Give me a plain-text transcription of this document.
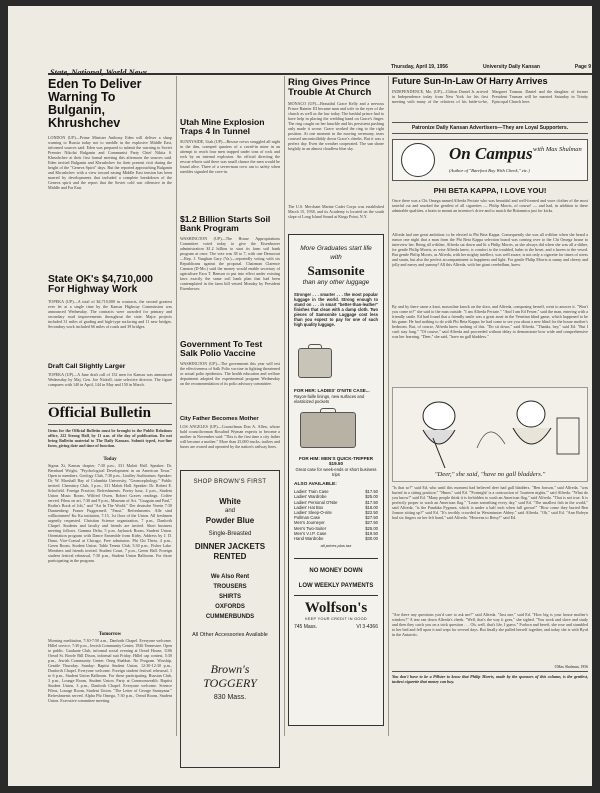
Thursday, April 19, 1956	University Daily Kansan	Page 9
Eden To Deliver Warning To Bulganin, Khrushchev
LONDON (UP)—Prime Minister Anthony Eden will deliver a sharp warning to Russia today not to meddle in the explosive Middle East, informed sources said. Eden was prepared to submit the warning to Soviet Premier Nikolai Bulganin and Communist Party Chief Nikita S. Khrushchev at their first formal meeting this afternoon the sources said. Eden invited Bulganin and Khrushchev for their present visit during the height of the "Geneva Spirit" days. But the reported approaching Bulganin and Khrushchev with a view toward easing Middle East tension has been marred by developments that included a complete breakdown of the Geneva spirit and the report that the Soviet cold war offensive in the Middle and Far East.
State OK's $4,710,000 For Highway Work
TOPEKA (UP)—A total of $4,710,000 in contracts, the second greatest ever let at a single time by the Kansas Highway Commission was announced Wednesday. The contracts were awarded for primary and secondary road improvements throughout the state. Major projects included 31 miles of grading and high-type surfacing and 11 new bridges. Secondary work included 66 miles of roads and 39 bridges.
Draft Call Slightly Larger
TOPEKA (UP)—A June draft call of 152 men for Kansas was announced Wednesday by Maj. Gen. Joe Nickell, state selective director. The figure compares with 140 in April, 144 in May and 150 in March.
Official Bulletin
Items for the Official Bulletin must be brought to the Public Relations office, 222 Strong Hall, by 11 a.m. of the day of publication. Do not bring Bulletin material to The Daily Kansan. Submit typed, two-line form, giving date and time of function.
Today
Sigma Xi, Kansas chapter, 7:30 p.m., 331 Malott Hall. Speaker: Dr. Bernhard Wright, "Psychological Development in an American Town." Open to members. Geology Club, 7:30 p.m., Lindley Auditorium. Speaker: Dr. W. Marshall Ray of Columbia University, "Geomorphology." Public invited. Chemistry Club, 3 p.m., 331 Malott Hall. Speaker: Dr. Robert E. Schofield. Foreign Practice; Refreshments. Poetry hour, 4 p.m., Student Union Music Room. Wilfred Owen, Robert Graves readings. Coffee served. Films on art, 7:30 and 9 p.m., Museum of Art. "Gauguin and Paul," Rodin's Book of Job," and "Art In The World." Der deutsche Verein 7:30 Dannenberg: Frauer Fuggermeil: "Faust." Refreshments. Alle sind willkommen! Ku Ku initiation, 7:15, 1st floor of the Union. All freshmen urgently requested. Christian Science organization, 7 p.m., Danforth Chapel. Students and faculty and friends are invited. Short business meeting follows. Gamma Delta, 5 p.m. Jayhawk Room, Student Union. Orientation program with Dance Ensemble from Kirby. Address by J. D. Duna, Vice-Consul at Chicago. Free admission. Phi Chi Theta, 4 p.m., Green Room, Student Union. Table Tennis Club, 5:30 p.m., Fisher Lake. Members and friends invited. Student Court, 7 p.m., Green Hall. Foreign student festival rehearsal, 7:30 p.m., Student Union Ballroom. For those participating in the program.
Tomorrow
Morning meditation, 7:30-7:50 a.m., Danforth Chapel. Everyone welcome. Hillel service, 7:30 p.m., Jewish Community Center, 1926 Tennessee. Open to public. Graduate Club, informal social evening at Oread House, 1106 Oread St. Bowle Bill Dixon, informal suit Friday. Hillel cap contest, 5:30 p.m., Jewish Community Center. Oneg Shabbat. No Program. Worship, Gentile Thursday. Sunday: Baptist Student Union, 12:30-12:30 p.m., Danforth Chapel. Everyone welcome. Foreign student festival rehearsal, 1 to 6 p.m., Student Union Ballroom. For those participating. Russian Club, 3 p.m., Lounge Room, Student Union. Party at Commonwealth. Baptist Student Union, 3 p.m., Danforth Chapel. Everyone welcome. Science Films, Lounge Room, Student Union. "The Letter of George Santayana." Refreshments served. Alpha Phi Omega, 7:30 p.m., Oread Room, Student Union. Executive committee meeting.
Utah Mine Explosion Traps 4 In Tunnel
SUNNYSIDE, Utah (UP)—Rescue crews struggled all night in the dim, cramped quarters of a caved-in mine in an attempt to reach four men trapped under tons of rock and rock by an internal explosion. An official directing the rescue efforts said there was small chance the men would be found alive. Three of a seven-man crew ran to safety when rumbles signaled the cave-in.
$1.2 Billion Starts Soil Bank Program
WASHINGTON (UP)—The House Appropriations Committee voted today to give the Eisenhower administration $1.2 billion to start its farm soil bank program at once. The vote was 38 to 7, with one Democrat—Rep. J. Vaughan Gary (Va.)—reportedly voting with six Republicans against the proposal. Chairman Clarence Cannon (D-Mo.) said the money would enable secretary of agriculture Ezra T. Benson to put into effect under existing laws exactly the same soil bank plan that had been contemplated in the farm bill vetoed Monday by President Eisenhower.
Government To Test Salk Polio Vaccine
WASHINGTON (UP)—The government this year will test the effectiveness of Salk Polio vaccine in fighting threatened or actual polio epidemics. The health education and welfare department adopted the experimental program Wednesday on the recommendation of its polio advisory committee.
City Father Becomes Mother
LOS ANGELES (UP)—Councilman Don A. Allen, whose bald councilwoman Rosalind Wyman expects to become a mother in November said: "This is the first time a city father will become a mother." More than 25,000 trucks, trailers and buses are owned and operated by the nation's railway lines.
SHOP BROWN'S FIRST
White
and
Powder Blue
Single-Breasted
DINNER JACKETS RENTED
We Also Rent
TROUSERS
SHIRTS
OXFORDS
CUMMERBUNDS
All Other Accessories Available
Brown's TOGGERY
830 Mass.
Ring Gives Prince Trouble At Church
MONACO (UP)—Beautiful Grace Kelly and a nervous Prince Rainier III became man and wife in the eyes of the church as well as the law today. The bashful prince had to have help in placing the wedding band on Grace's finger. The ring caught on her knuckle and his persistent pushing only made it worse. Grace worked the ring to the right position. At one moment in the moving ceremony, tears coursed uncontrollably down Grace's cheeks. But it was a perfect day. Even the weather cooperated. The sun shone brightly in an almost cloudless blue sky.
The U.S. Merchant Marine Cadet Corps was established March 15, 1938, and its Academy is located on the south slope of Long Island Sound at Kings Point, N.Y.
More Graduates start life with
Samsonite
than any other luggage
Stronger . . . smarter . . . the most popular luggage in the world. Strong enough to stand on . . . in smart "better-than-leather" finishes that clean with a damp cloth. Two pieces of Samsonite Luggage cost less than you expect to pay for one of such high quality luggage.
FOR HER: LADIES' O'NITE CASE...
Rayon-faille linings, new surfaces and elasticized pockets
FOR HIM: MEN'S QUICK-TRIPPER $19.50
Great case for week-ends or short business trips
ALSO AVAILABLE:
Ladies' Train Case	$17.50
Ladies' Wardrobe	$25.00
Ladies' Personal O'Nite	$17.50
Ladies' Hat Box	$18.00
Ladies' Sleep-O-nite	$22.50
Pullman Case	$27.50
Men's Journeyer	$27.50
Men's Two-Suiter	$25.00
Men's V.I.P. Case	$19.50
Hand Wardrobe	$30.00
all prices plus tax
NO MONEY DOWN
LOW WEEKLY PAYMENTS
Wolfson's
KEEP YOUR CREDIT IN GOOD
745 Mass.	VI 3-4366
Future Sun-In-Law Of Harry Arrives
INDEPENDENCE, Mo. (UP)—Clifton Daniel Jr. arrived in Independence today from New York for his first meeting with many of the relatives of his bride-to-be, Margaret Truman. Daniel and the daughter of former President Truman will be married Saturday in Trinity Episcopal Church here.
Patronize Daily Kansan Advertisers—They are Loyal Supporters.
On Campus with Max Shulman
(Author of "Barefoot Boy With Cheek," etc.)
PHI BETA KAPPA, I LOVE YOU!
Once there was a Chi Omega named Alfreda Pectate who was beautiful and well-formed and wore clothes of the most tasteful cut and smoked the gentlest of all cigarettes — Philip Morris, of course! — and had, in addition to these admirable qualities, a brain to mount an inventor's drive and to match the Britannica just for kicks.
Alfreda had one great ambition: to be elected to Phi Beta Kappa. Consequently she was all a-dither when she heard a rumor one night that a man from the Phi Beta Kappa selection board was coming over to the Chi Omega house to interview her. Being all a-dither, Alfreda sat down and lit a Philip Morris, as she always did when she was all a-dither, for gentle Philip Morris, as wise Alfreda knew, is comfort to the troubled, balm to the beset, and a haven to the vexed. But gentle Philip Morris, as Alfreda, with her mighty intellect, was well aware, is not only a cigarette for times of stress and strain, but also the perfect accompaniment to happiness and light. For gentle Philip Morris is sunny and cheery and jolly and merry and yummy! All this Alfreda, with her giant cerebellum, knew.
By and by there came a knot, masculine knock on the door, and Alfreda, composing herself, went to answer it. "Won't you come in?" she said to the man outside. "I am Alfreda Pectate." "And I am Ed Fester," said the man, entering with a friendly smile. Ed had found that a friendly smile was a great asset in the Venetian blind game, which happened to be his game. He had nothing to do with Phi Beta Kappa; he had come to see you about a new blind for the house mother's bedroom. But, of course, Alfreda knew nothing of this. "Do sit down," said Alfreda. "Thanks, hey," said Ed. "But I can't stay long." "Of course," said Alfreda and proceeded without delay to demonstrate how wide and comprehensive was her learning. "Deer," she said, "have no gall bladders."
"Deer," she said, "have no gall bladders."
"Is that so?" said Ed, who until this moment had believed deer had gall bladders. "Ben Jonson," said Alfreda, "was buried in a sitting position." "Hmm," said Ed. "'Fortnight' is a contraction of 'fourteen nights,'" said Alfreda. "What do you know!" said Ed. "Many people think it is forbidden to wash an American flag," said Alfreda. "That is not true. It is perfectly proper to wash an American flag." "Learn something every day," said Ed. "The smallest fish in the world," said Alfreda, "is the Pandaka Pygmea, which is under a half inch when full grown!" "How come they buried Ben Jonson sitting up?" said Ed. "It's terribly crowded in Westminster Abbey," said Alfreda. "Oh," said Ed. "Ann Boleyn had six fingers on her left hand," said Alfreda. "Heavens to Betsy!" said Ed.
"Are there any questions you'd care to ask me?" said Alfreda. "Just one," said Ed. "How big is your house mother's window?" A tear ran down Alfreda's cheek. "Well, that's the way it goes," she sighed. "You work and slave and study and then they catch you on a trick question . . . Oh, well, that's life, I guess." Forlorn and bereft, she rose and stumbled to her bed and fell upon it and wept for several days. But finally she pulled herself together, and today she is with Byrd in the Antarctic.
©Max Shulman, 1956
You don't have to be a Pillster to know that Philip Morris, made by the sponsors of this column, is the gentlest, tastiest cigarette that money can buy.
